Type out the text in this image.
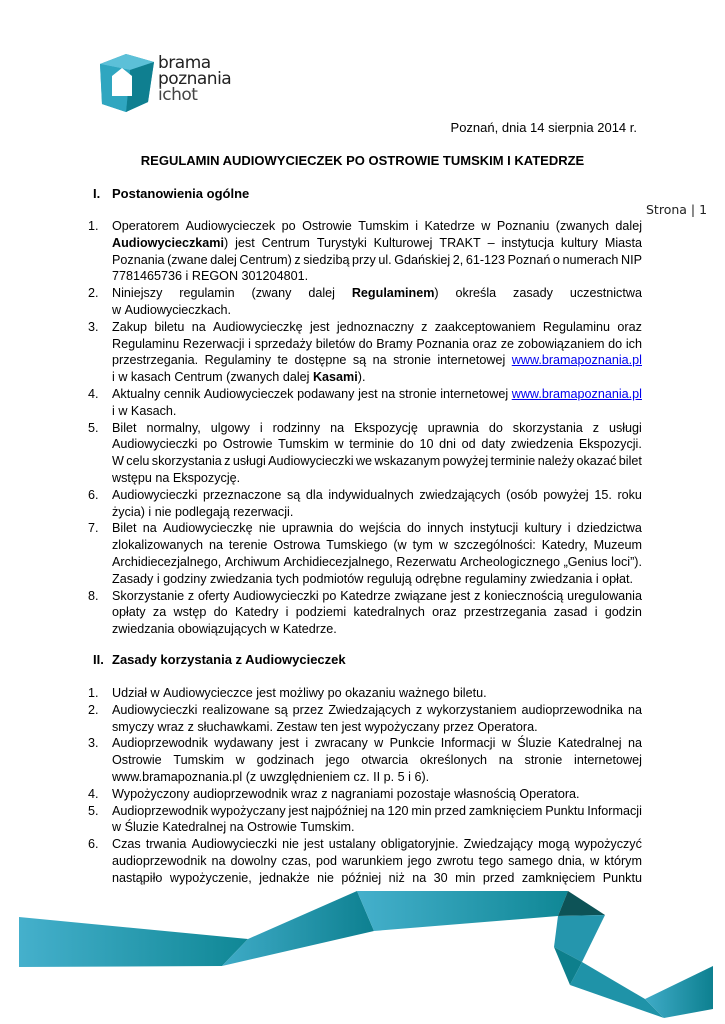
brama
poznania
ichot
Poznań, dnia 14 sierpnia 2014 r.
REGULAMIN AUDIOWYCIECZEK PO OSTROWIE TUMSKIM I KATEDRZE
Strona | 1
I. Postanowienia ogólne
1. Operatorem Audiowycieczek po Ostrowie Tumskim i Katedrze w Poznaniu (zwanych dalej
Audiowycieczkami) jest Centrum Turystyki Kulturowej TRAKT – instytucja kultury Miasta
Poznania (zwane dalej Centrum) z siedzibą przy ul. Gdańskiej 2, 61-123 Poznań o numerach NIP
7781465736 i REGON 301204801.
2. Niniejszy regulamin (zwany dalej Regulaminem) określa zasady uczestnictwa
w Audiowycieczkach.
3. Zakup biletu na Audiowycieczkę jest jednoznaczny z zaakceptowaniem Regulaminu oraz
Regulaminu Rezerwacji i sprzedaży biletów do Bramy Poznania oraz ze zobowiązaniem do ich
przestrzegania. Regulaminy te dostępne są na stronie internetowej www.bramapoznania.pl
i w kasach Centrum (zwanych dalej Kasami).
4. Aktualny cennik Audiowycieczek podawany jest na stronie internetowej www.bramapoznania.pl
i w Kasach.
5. Bilet normalny, ulgowy i rodzinny na Ekspozycję uprawnia do skorzystania z usługi
Audiowycieczki po Ostrowie Tumskim w terminie do 10 dni od daty zwiedzenia Ekspozycji.
W celu skorzystania z usługi Audiowycieczki we wskazanym powyżej terminie należy okazać bilet
wstępu na Ekspozycję.
6. Audiowycieczki przeznaczone są dla indywidualnych zwiedzających (osób powyżej 15. roku
życia) i nie podlegają rezerwacji.
7. Bilet na Audiowycieczkę nie uprawnia do wejścia do innych instytucji kultury i dziedzictwa
zlokalizowanych na terenie Ostrowa Tumskiego (w tym w szczególności: Katedry, Muzeum
Archidiecezjalnego, Archiwum Archidiecezjalnego, Rezerwatu Archeologicznego „Genius loci”).
Zasady i godziny zwiedzania tych podmiotów regulują odrębne regulaminy zwiedzania i opłat.
8. Skorzystanie z oferty Audiowycieczki po Katedrze związane jest z koniecznością uregulowania
opłaty za wstęp do Katedry i podziemi katedralnych oraz przestrzegania zasad i godzin
zwiedzania obowiązujących w Katedrze.
II. Zasady korzystania z Audiowycieczek
1. Udział w Audiowycieczce jest możliwy po okazaniu ważnego biletu.
2. Audiowycieczki realizowane są przez Zwiedzających z wykorzystaniem audioprzewodnika na
smyczy wraz z słuchawkami. Zestaw ten jest wypożyczany przez Operatora.
3. Audioprzewodnik wydawany jest i zwracany w Punkcie Informacji w Śluzie Katedralnej na
Ostrowie Tumskim w godzinach jego otwarcia określonych na stronie internetowej
www.bramapoznania.pl (z uwzględnieniem cz. II p. 5 i 6).
4. Wypożyczony audioprzewodnik wraz z nagraniami pozostaje własnością Operatora.
5. Audioprzewodnik wypożyczany jest najpóźniej na 120 min przed zamknięciem Punktu Informacji
w Śluzie Katedralnej na Ostrowie Tumskim.
6. Czas trwania Audiowycieczki nie jest ustalany obligatoryjnie. Zwiedzający mogą wypożyczyć
audioprzewodnik na dowolny czas, pod warunkiem jego zwrotu tego samego dnia, w którym
nastąpiło wypożyczenie, jednakże nie później niż na 30 min przed zamknięciem Punktu
